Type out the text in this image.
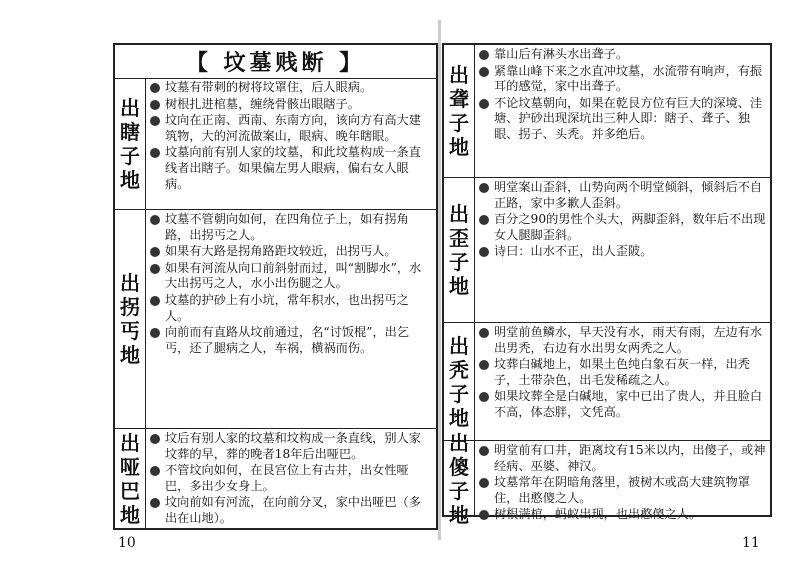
【 坟墓贱断 】
出
瞎
子
地
坟墓有带刺的树将坟罩住，后人眼病。
树根扎进棺墓，缠绕骨骸出眼瞎子。
坟向在正南、西南、东南方向，该向方有高大建筑物，大的河流做案山，眼病、晚年瞎眼。
坟墓向前有别人家的坟墓，和此坟墓构成一条直线者出瞎子。如果偏左男人眼病，偏右女人眼病。
出
拐
丐
地
坟墓不管朝向如何，在四角位子上，如有拐角路，出拐丐之人。
如果有大路是拐角路距坟较近，出拐丐人。
如果有河流从向口前斜射而过，叫“割脚水”，水大出拐丐之人，水小出伤腿之人。
坟墓的护砂上有小坑，常年积水，也出拐丐之人。
向前而有直路从坟前通过，名“讨饭棍”，出乞丐，还了腿病之人，车祸，横祸而伤。
出
哑
巴
地
坟后有别人家的坟墓和坟构成一条直线，别人家坟葬的早，葬的晚者18年后出哑巴。
不管坟向如何，在艮宫位上有古井，出女性哑巴，多出少女身上。
坟向前如有河流，在向前分叉，家中出哑巴（多出在山地）。
出
聋
子
地
靠山后有淋头水出聋子。
紧靠山峰下来之水直冲坟墓，水流带有响声，有振耳的感觉，家中出聋子。
不论坟墓朝向，如果在乾艮方位有巨大的深境、洼塘、护砂出现深坑出三种人即：瞎子、聋子、独眼、拐子、头秃。并多绝后。
出
歪
子
地
明堂案山歪斜，山势向两个明堂倾斜，倾斜后不自正路，家中多歉人歪斜。
百分之90的男性个头大，两脚歪斜，数年后不出现女人腿脚歪斜。
诗曰：山水不正，出人歪陂。
出
秃
子
地
明堂前鱼鳞水，早天没有水，雨天有雨，左边有水出男秃，右边有水出男女两秃之人。
坟葬白碱地上，如果土色纯白象石灰一样，出秃子，土带杂色，出毛发稀疏之人。
如果坟葬全是白碱地，家中已出了贵人，并且脸白不高，体态胖，文凭高。
出
傻
子
地
明堂前有口井，距离坟有15米以内，出傻子，或神经病、巫婆、神汉。
坟墓常年在阴暗角落里，被树木或高大建筑物罩住，出憨傻之人。
树根满棺，蚂蚁出现，也出憨傻之人。
10	11
